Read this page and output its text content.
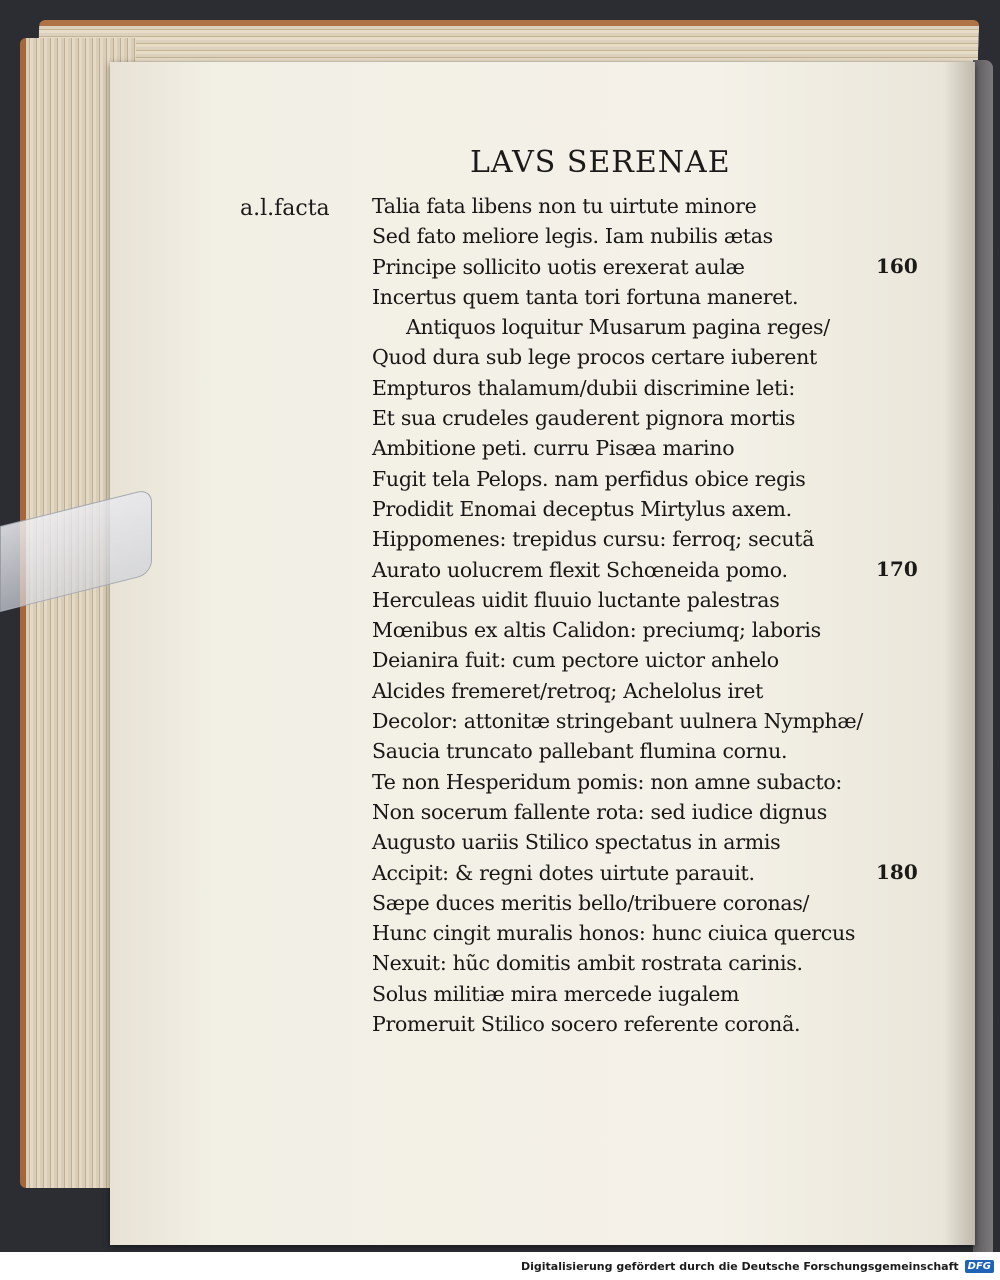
LAVS SERENAE
a.l.facta Talia fata libens non tu uirtute minore
Sed fato meliore legis. Iam nubilis ætas
Principe sollicito uotis erexerat aulæ
Incertus quem tanta tori fortuna maneret.
Antiquos loquitur Musarum pagina reges/
Quod dura sub lege procos certare iuberent
Empturos thalamum/dubii discrimine leti:
Et sua crudeles gauderent pignora mortis
Ambitione peti. curru Pisæa marino
Fugit tela Pelops. nam perfidus obice regis
Prodidit Enomai deceptus Mirtylus axem.
Hippomenes: trepidus cursu: ferroq; secutã
Aurato uolucrem flexit Schœneida pomo.
Herculeas uidit fluuio luctante palestras
Mœnibus ex altis Calidon: preciumq; laboris
Deianira fuit: cum pectore uictor anhelo
Alcides fremeret/retroq; Achelolus iret
Decolor: attonitæ stringebant uulnera Nymphæ/
Saucia truncato pallebant flumina cornu.
Te non Hesperidum pomis: non amne subacto:
Non socerum fallente rota: sed iudice dignus
Augusto uariis Stilico spectatus in armis
Accipit: & regni dotes uirtute parauit.
Sæpe duces meritis bello/tribuere coronas/
Hunc cingit muralis honos: hunc ciuica quercus
Nexuit: hũc domitis ambit rostrata carinis.
Solus militiæ mira mercede iugalem
Promeruit Stilico socero referente coronã.
160
170
180
Digitalisierung gefördert durch die Deutsche Forschungsgemeinschaft DFG
